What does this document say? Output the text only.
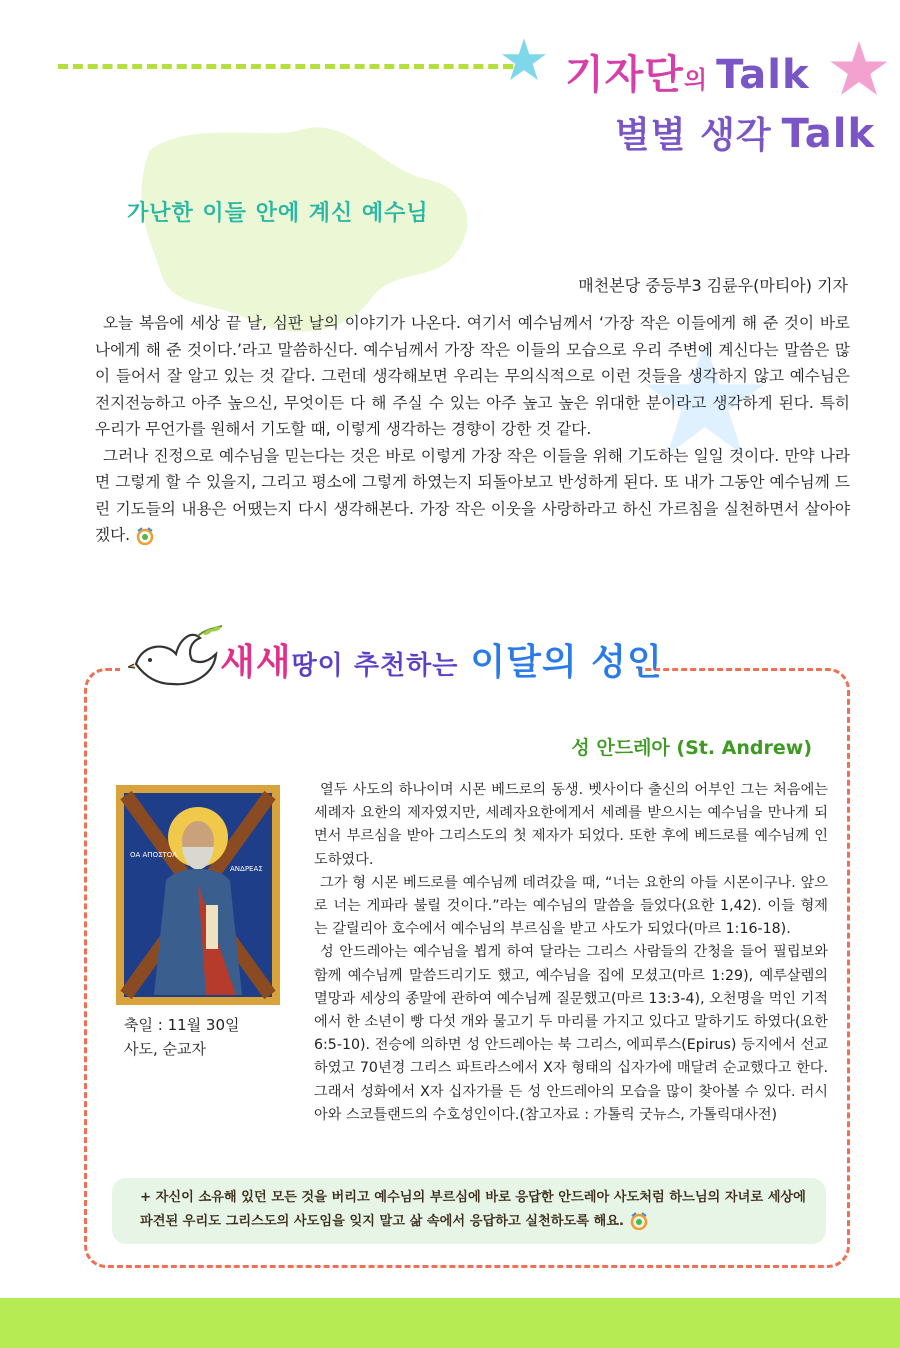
기자단의 Talk
별별 생각 Talk
가난한 이들 안에 계신 예수님
매천본당 중등부3 김륜우(마티아) 기자

오늘 복음에 세상 끝 날, 심판 날의 이야기가 나온다. 여기서 예수님께서 ‘가장 작은 이들에게 해 준 것이 바로 나에게 해 준 것이다.’라고 말씀하신다. 예수님께서 가장 작은 이들의 모습으로 우리 주변에 계신다는 말씀은 많이 들어서 잘 알고 있는 것 같다. 그런데 생각해보면 우리는 무의식적으로 이런 것들을 생각하지 않고 예수님은 전지전능하고 아주 높으신, 무엇이든 다 해 주실 수 있는 아주 높고 높은 위대한 분이라고 생각하게 된다. 특히 우리가 무언가를 원해서 기도할 때, 이렇게 생각하는 경향이 강한 것 같다.

그러나 진정으로 예수님을 믿는다는 것은 바로 이렇게 가장 작은 이들을 위해 기도하는 일일 것이다. 만약 나라면 그렇게 할 수 있을지, 그리고 평소에 그렇게 하였는지 되돌아보고 반성하게 된다. 또 내가 그동안 예수님께 드린 기도들의 내용은 어땠는지 다시 생각해본다. 가장 작은 이웃을 사랑하라고 하신 가르침을 실천하면서 살아야겠다.

새새땅이 추천하는 이달의 성인
성 안드레아 (St. Andrew)
ΟΑ ΑΠΟΣΤΟΛ
ΑΝΔΡΕΑΣ
축일 : 11월 30일
사도, 순교자

열두 사도의 하나이며 시몬 베드로의 동생. 벳사이다 출신의 어부인 그는 처음에는 세례자 요한의 제자였지만, 세례자요한에게서 세례를 받으시는 예수님을 만나게 되면서 부르심을 받아 그리스도의 첫 제자가 되었다. 또한 후에 베드로를 예수님께 인도하였다.

그가 형 시몬 베드로를 예수님께 데려갔을 때, “너는 요한의 아들 시몬이구나. 앞으로 너는 게파라 불릴 것이다.”라는 예수님의 말씀을 들었다(요한 1,42). 이들 형제는 갈릴리아 호수에서 예수님의 부르심을 받고 사도가 되었다(마르 1:16-18).

성 안드레아는 예수님을 뵙게 하여 달라는 그리스 사람들의 간청을 들어 필립보와 함께 예수님께 말씀드리기도 했고, 예수님을 집에 모셨고(마르 1:29), 예루살렘의 멸망과 세상의 종말에 관하여 예수님께 질문했고(마르 13:3-4), 오천명을 먹인 기적에서 한 소년이 빵 다섯 개와 물고기 두 마리를 가지고 있다고 말하기도 하였다(요한 6:5-10). 전승에 의하면 성 안드레아는 북 그리스, 에피루스(Epirus) 등지에서 선교하였고 70년경 그리스 파트라스에서 X자 형태의 십자가에 매달려 순교했다고 한다. 그래서 성화에서 X자 십자가를 든 성 안드레아의 모습을 많이 찾아볼 수 있다. 러시아와 스코틀랜드의 수호성인이다.(참고자료 : 가톨릭 굿뉴스, 가톨릭대사전)

+ 자신이 소유해 있던 모든 것을 버리고 예수님의 부르심에 바로 응답한 안드레아 사도처럼 하느님의 자녀로 세상에 파견된 우리도 그리스도의 사도임을 잊지 말고 삶 속에서 응답하고 실천하도록 해요.
